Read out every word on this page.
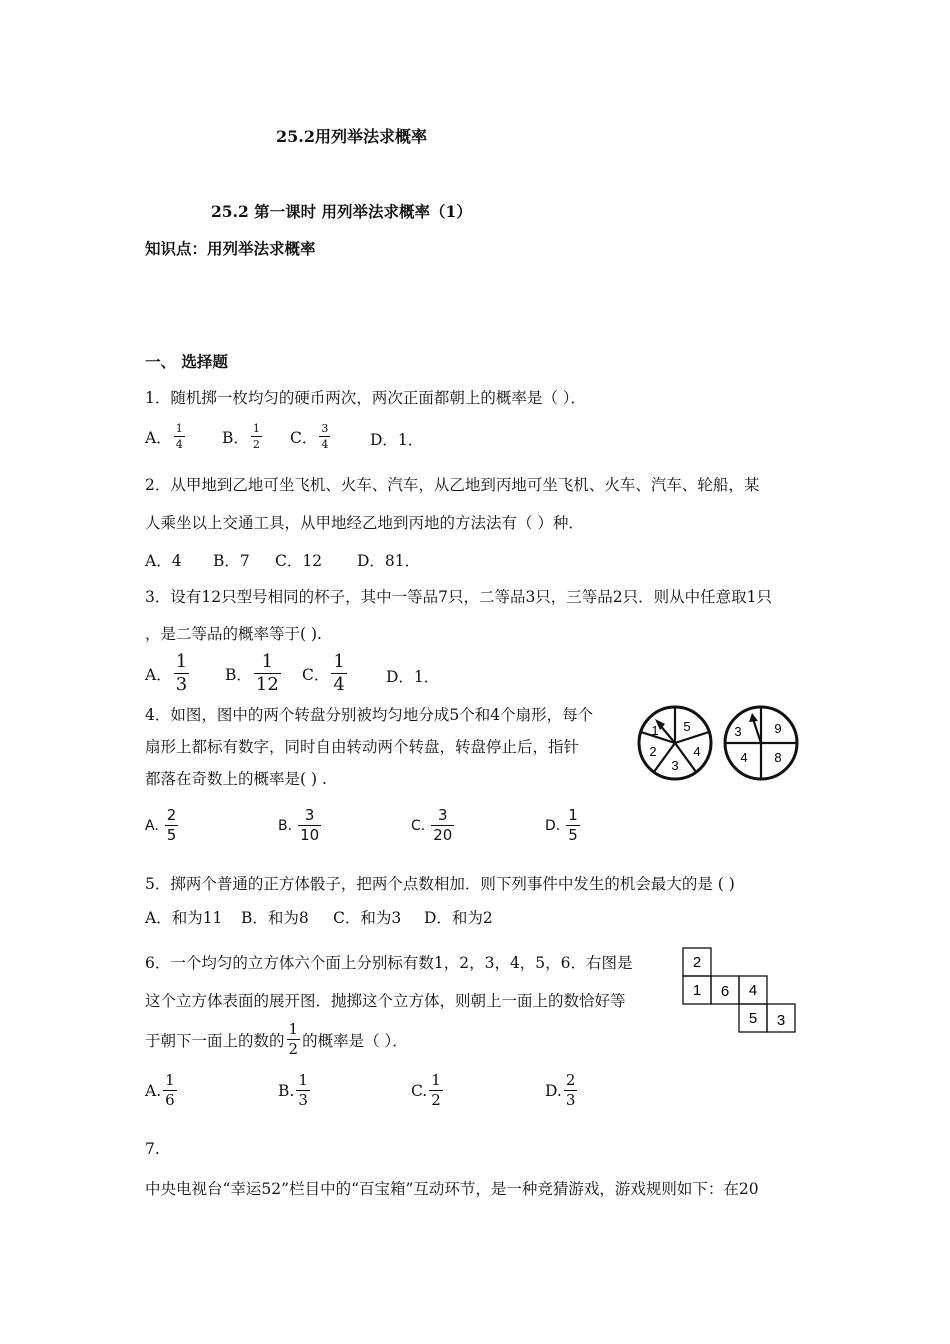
25.2用列举法求概率
25.2 第一课时 用列举法求概率（1）
知识点：用列举法求概率
一、 选择题
1．随机掷一枚均匀的硬币两次，两次正面都朝上的概率是（ ）．
A． $\frac{1}{4}$ B． $\frac{1}{2}$ C． $\frac{3}{4}$	D．1．
2．从甲地到乙地可坐飞机、火车、汽车，从乙地到丙地可坐飞机、火车、汽车、轮船，某
人乘坐以上交通工具，从甲地经乙地到丙地的方法法有（ ）种．
A．4 B．7 C．12 D．81．
3．设有12只型号相同的杯子，其中一等品7只，二等品3只，三等品2只．则从中任意取1只
，是二等品的概率等于( ).
A． $\frac{1}{3}$ B． $\frac{1}{12}$ C． $\frac{1}{4}$	D．1．
4．如图，图中的两个转盘分别被均匀地分成5个和4个扇形，每个
扇形上都标有数字，同时自由转动两个转盘，转盘停止后，指针
都落在奇数上的概率是( ) .
1 5
4
3
2
9
8
4
3
A. $\frac{2}{5}$	B. $\frac{3}{10}$	C. $\frac{3}{20}$	D. $\frac{1}{5}$
5．掷两个普通的正方体骰子，把两个点数相加．则下列事件中发生的机会最大的是 ( )
A．和为11 B．和为8 C．和为3 D．和为2
6．一个均匀的立方体六个面上分别标有数1，2，3，4，5，6．右图是
这个立方体表面的展开图．抛掷这个立方体，则朝上一面上的数恰好等
于朝下一面上的数的 $\frac{1}{2}$ 的概率是（ ）．
2
1 6 4
5 3
A. $\frac{1}{6}$	B. $\frac{1}{3}$	C. $\frac{1}{2}$	D. $\frac{2}{3}$
7.
中央电视台“幸运52”栏目中的“百宝箱”互动环节，是一种竞猜游戏，游戏规则如下：在20
